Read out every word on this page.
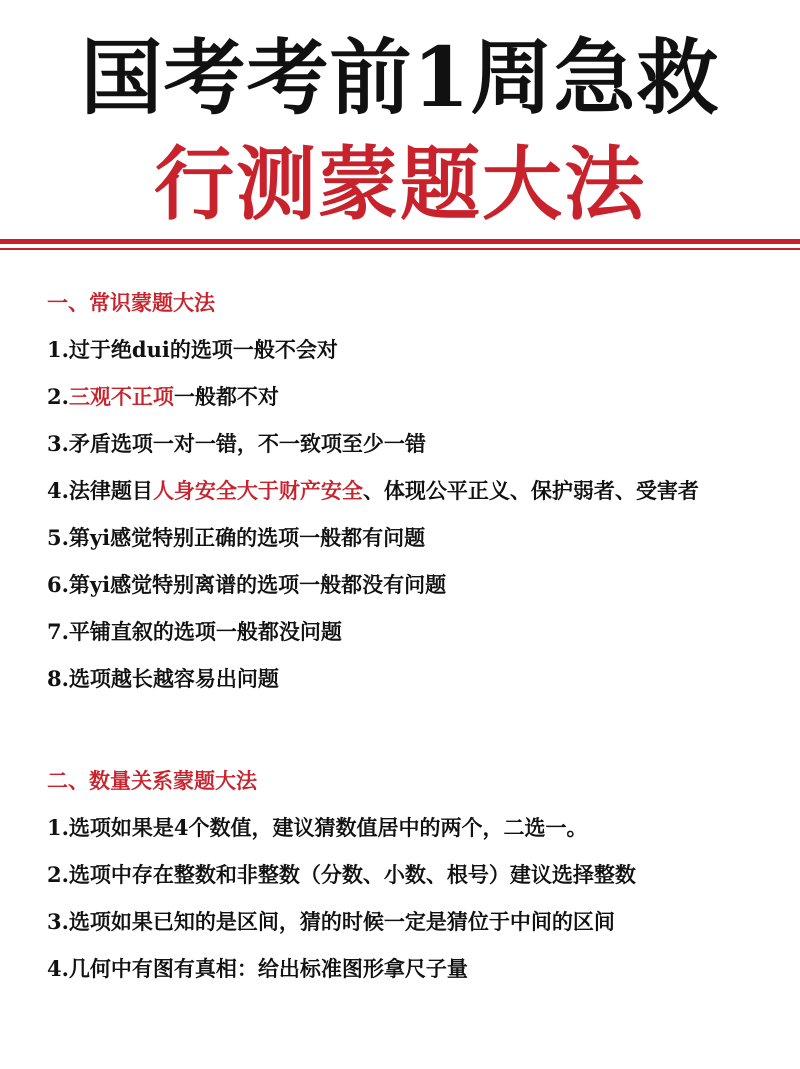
国考考前1周急救
行测蒙题大法
一、常识蒙题大法
1.过于绝dui的选项一般不会对
2.三观不正项一般都不对
3.矛盾选项一对一错，不一致项至少一错
4.法律题目人身安全大于财产安全、体现公平正义、保护弱者、受害者
5.第yi感觉特别正确的选项一般都有问题
6.第yi感觉特别离谱的选项一般都没有问题
7.平铺直叙的选项一般都没问题
8.选项越长越容易出问题
二、数量关系蒙题大法
1.选项如果是4个数值，建议猜数值居中的两个，二选一。
2.选项中存在整数和非整数（分数、小数、根号）建议选择整数
3.选项如果已知的是区间，猜的时候一定是猜位于中间的区间
4.几何中有图有真相：给出标准图形拿尺子量
